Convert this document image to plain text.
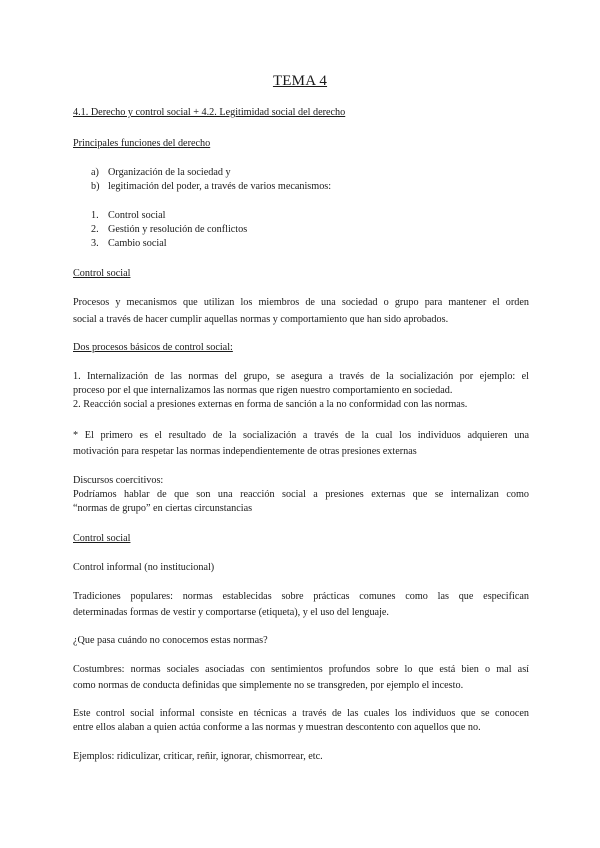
TEMA 4
4.1. Derecho y control social + 4.2. Legitimidad social del derecho
Principales funciones del derecho
a) Organización de la sociedad y
b) legitimación del poder, a través de varios mecanismos:
1. Control social
2. Gestión y resolución de conflictos
3. Cambio social
Control social

Procesos y mecanismos que utilizan los miembros de una sociedad o grupo para mantener el orden

social a través de hacer cumplir aquellas normas y comportamiento que han sido aprobados.

Dos procesos básicos de control social:

1. Internalización de las normas del grupo, se asegura a través de la socialización por ejemplo: el

proceso por el que internalizamos las normas que rigen nuestro comportamiento en sociedad.

2. Reacción social a presiones externas en forma de sanción a la no conformidad con las normas.

* El primero es el resultado de la socialización a través de la cual los individuos adquieren una

motivación para respetar las normas independientemente de otras presiones externas

Discursos coercitivos:

Podríamos hablar de que son una reacción social a presiones externas que se internalizan como

“normas de grupo” en ciertas circunstancias

Control social
Control informal (no institucional)

Tradiciones populares: normas establecidas sobre prácticas comunes como las que especifican

determinadas formas de vestir y comportarse (etiqueta), y el uso del lenguaje.

¿Que pasa cuándo no conocemos estas normas?

Costumbres: normas sociales asociadas con sentimientos profundos sobre lo que está bien o mal así

como normas de conducta definidas que simplemente no se transgreden, por ejemplo el incesto.

Este control social informal consiste en técnicas a través de las cuales los individuos que se conocen

entre ellos alaban a quien actúa conforme a las normas y muestran descontento con aquellos que no.

Ejemplos: ridiculizar, criticar, reñir, ignorar, chismorrear, etc.
